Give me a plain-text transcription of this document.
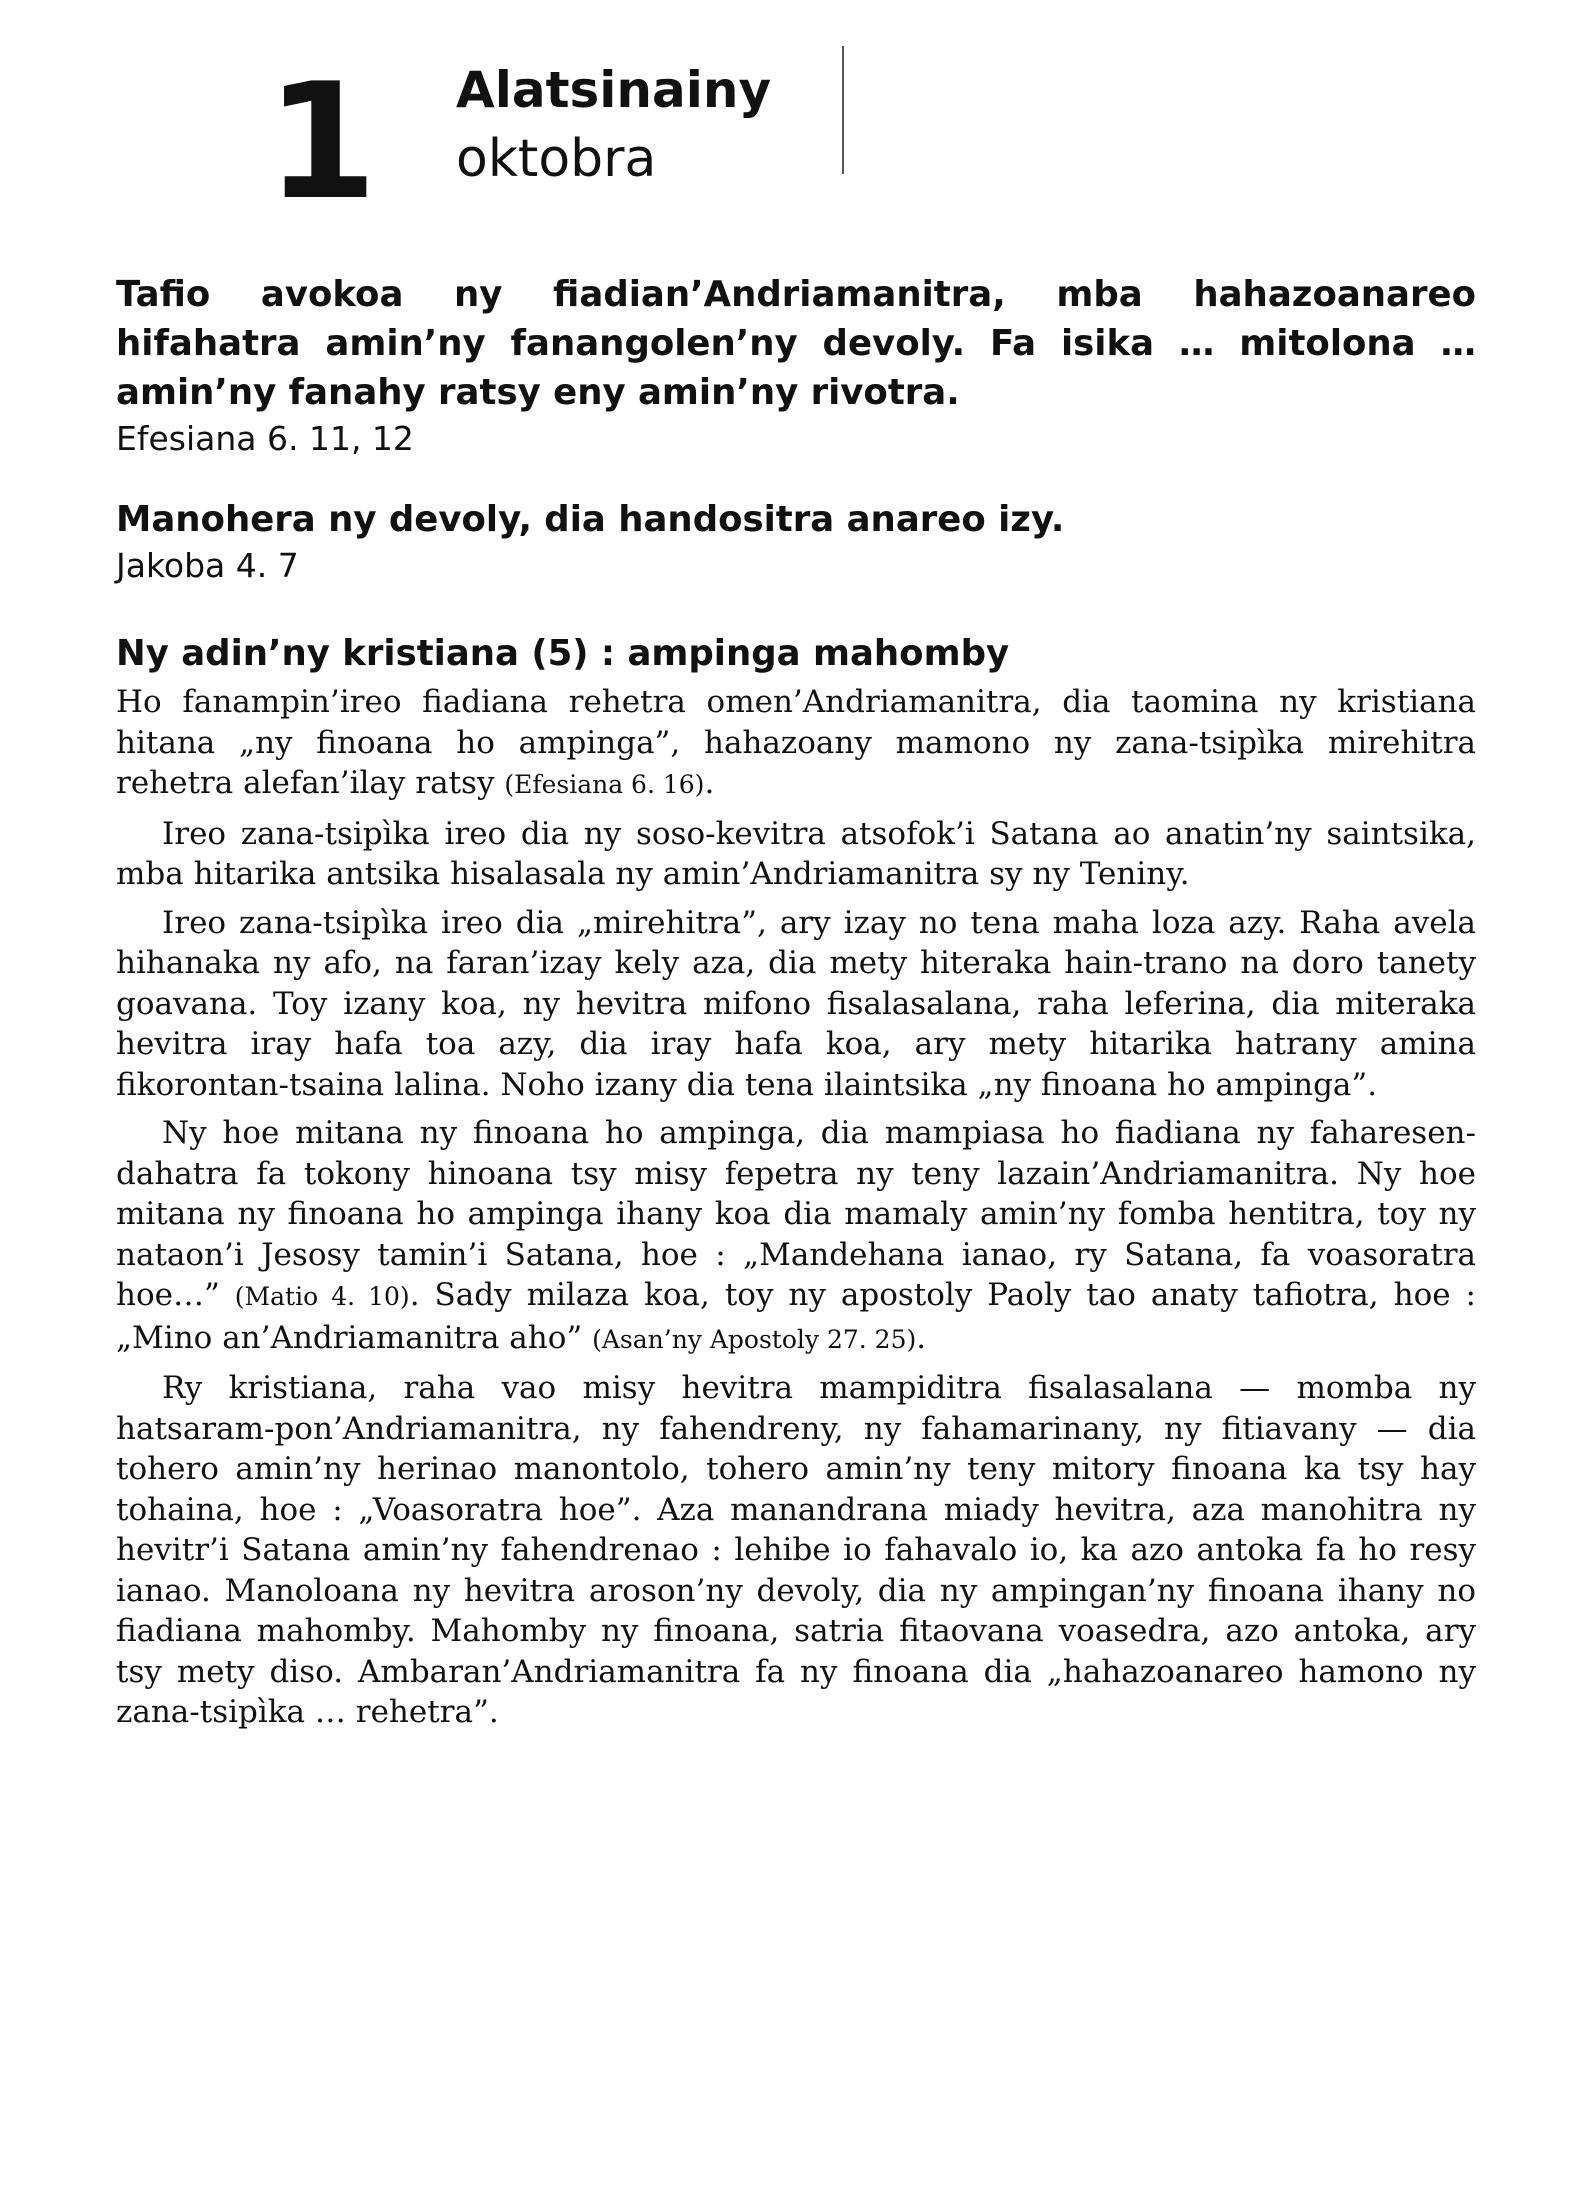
1 Alatsinainy
oktobra

Tafio avokoa ny fiadian’Andriamanitra, mba hahazoanareo hifahatra amin’ny fanangolen’ny devoly. Fa isika … mitolona … amin’ny fanahy ratsy eny amin’ny rivotra.

Efesiana 6. 11, 12

Manohera ny devoly, dia handositra anareo izy.

Jakoba 4. 7

Ny adin’ny kristiana (5) : ampinga mahomby

Ho fanampin’ireo fiadiana rehetra omen’Andriamanitra, dia taomina ny kristiana hitana „ny finoana ho ampinga”, hahazoany mamono ny zana-tsipìka mirehitra rehetra alefan’ilay ratsy (Efesiana 6. 16).

Ireo zana-tsipìka ireo dia ny soso-kevitra atsofok’i Satana ao anatin’ny saintsika, mba hitarika antsika hisalasala ny amin’Andriamanitra sy ny Teniny.

Ireo zana-tsipìka ireo dia „mirehitra”, ary izay no tena maha loza azy. Raha avela hihanaka ny afo, na faran’izay kely aza, dia mety hiteraka hain-trano na doro tanety goavana. Toy izany koa, ny hevitra mifono fisalasalana, raha leferina, dia miteraka hevitra iray hafa toa azy, dia iray hafa koa, ary mety hitarika hatrany amina fikorontan-tsaina lalina. Noho izany dia tena ilaintsika „ny finoana ho ampinga”.

Ny hoe mitana ny finoana ho ampinga, dia mampiasa ho fiadiana ny faharesen-dahatra fa tokony hinoana tsy misy fepetra ny teny lazain’Andriamanitra. Ny hoe mitana ny finoana ho ampinga ihany koa dia mamaly amin’ny fomba hentitra, toy ny nataon’i Jesosy tamin’i Satana, hoe : „Mandehana ianao, ry Satana, fa voasoratra hoe…” (Matio 4. 10). Sady milaza koa, toy ny apostoly Paoly tao anaty tafiotra, hoe : „Mino an’Andriamanitra aho” (Asan’ny Apostoly 27. 25).

Ry kristiana, raha vao misy hevitra mampiditra fisalasalana — momba ny hatsaram-pon’Andriamanitra, ny fahendreny, ny fahamarinany, ny fitiavany — dia tohero amin’ny herinao manontolo, tohero amin’ny teny mitory finoana ka tsy hay tohaina, hoe : „Voasoratra hoe”. Aza manandrana miady hevitra, aza manohitra ny hevitr’i Satana amin’ny fahendrenao : lehibe io fahavalo io, ka azo antoka fa ho resy ianao. Manoloana ny hevitra aroson’ny devoly, dia ny ampingan’ny finoana ihany no fiadiana mahomby. Mahomby ny finoana, satria fitaovana voasedra, azo antoka, ary tsy mety diso. Ambaran’Andriamanitra fa ny finoana dia „hahazoanareo hamono ny zana-tsipìka … rehetra”.
